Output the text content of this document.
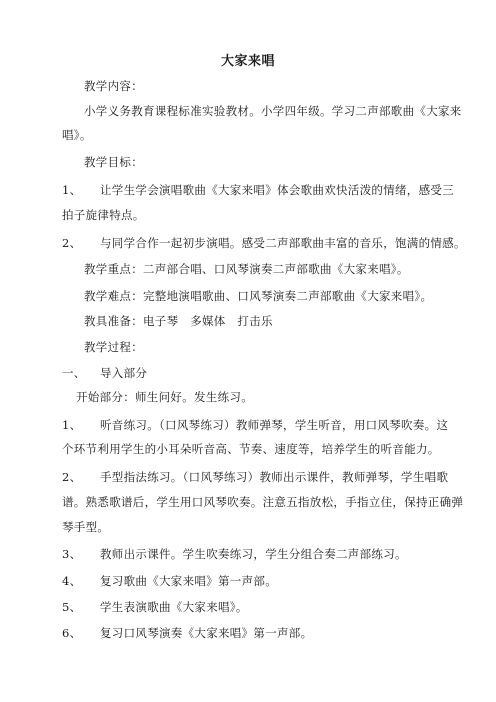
大家来唱
教学内容：
小学义务教育课程标准实验教材。小学四年级。学习二声部歌曲《大家来
唱》。
教学目标：
1、 让学生学会演唱歌曲《大家来唱》体会歌曲欢快活泼的情绪，感受三
拍子旋律特点。
2、 与同学合作一起初步演唱。感受二声部歌曲丰富的音乐，饱满的情感。
教学重点：二声部合唱、口风琴演奏二声部歌曲《大家来唱》。
教学难点：完整地演唱歌曲、口风琴演奏二声部歌曲《大家来唱》。
教具准备：电子琴　多媒体　打击乐
教学过程：
一、 导入部分
开始部分：师生问好。发生练习。
1、 听音练习。（口风琴练习）教师弹琴，学生听音，用口风琴吹奏。这
个环节利用学生的小耳朵听音高、节奏、速度等，培养学生的听音能力。
2、 手型指法练习。（口风琴练习）教师出示课件，教师弹琴，学生唱歌
谱。熟悉歌谱后，学生用口风琴吹奏。注意五指放松，手指立住，保持正确弹
琴手型。
3、 教师出示课件。学生吹奏练习，学生分组合奏二声部练习。
4、 复习歌曲《大家来唱》第一声部。
5、 学生表演歌曲《大家来唱》。
6、 复习口风琴演奏《大家来唱》第一声部。
